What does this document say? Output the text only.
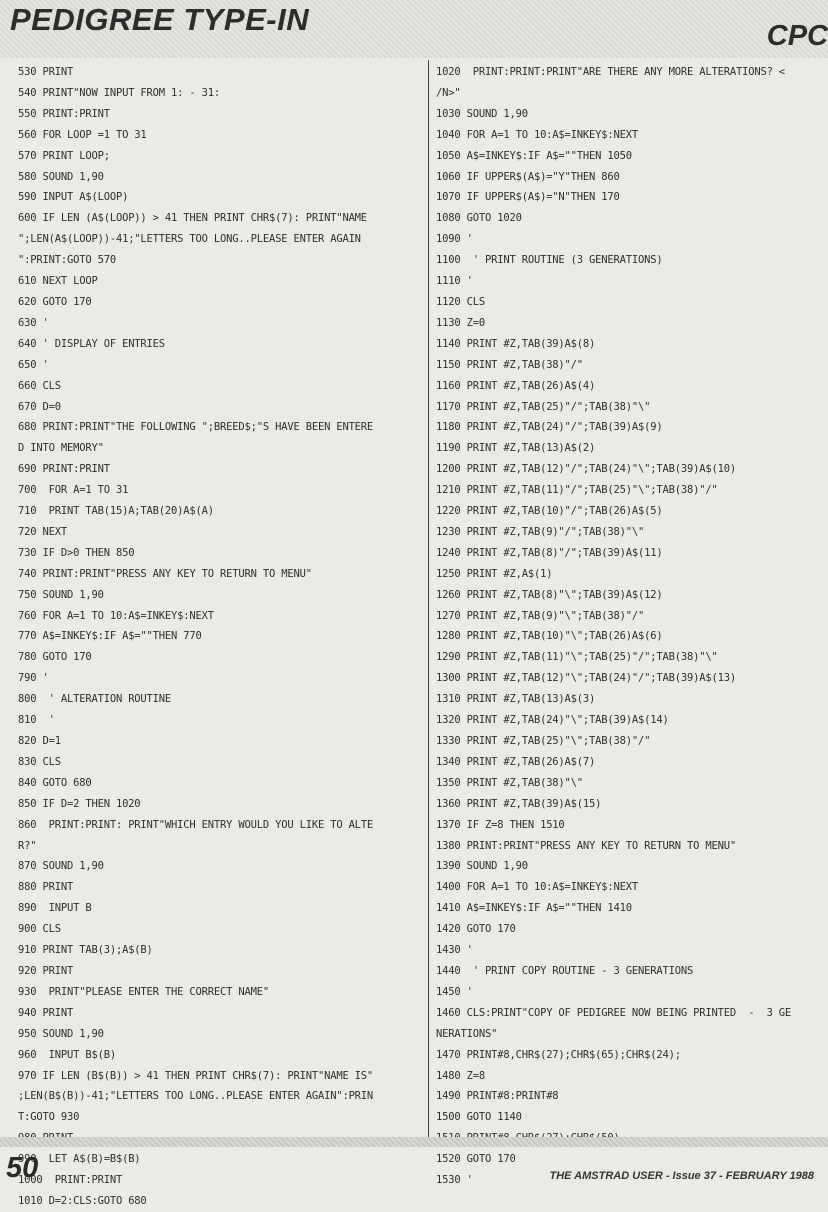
PEDIGREE TYPE-IN	CPC
530 PRINT
540 PRINT"NOW INPUT FROM 1: - 31:
550 PRINT:PRINT
560 FOR LOOP =1 TO 31
570 PRINT LOOP;
580 SOUND 1,90
590 INPUT A$(LOOP)
600 IF LEN (A$(LOOP)) > 41 THEN PRINT CHR$(7): PRINT"NAME
";LEN(A$(LOOP))-41;"LETTERS TOO LONG..PLEASE ENTER AGAIN
":PRINT:GOTO 570
610 NEXT LOOP
620 GOTO 170
630 '
640 ' DISPLAY OF ENTRIES
650 '
660 CLS
670 D=0
680 PRINT:PRINT"THE FOLLOWING ";BREED$;"S HAVE BEEN ENTERE
D INTO MEMORY"
690 PRINT:PRINT
700  FOR A=1 TO 31
710  PRINT TAB(15)A;TAB(20)A$(A)
720 NEXT
730 IF D>0 THEN 850
740 PRINT:PRINT"PRESS ANY KEY TO RETURN TO MENU"
750 SOUND 1,90
760 FOR A=1 TO 10:A$=INKEY$:NEXT
770 A$=INKEY$:IF A$=""THEN 770
780 GOTO 170
790 '
800  ' ALTERATION ROUTINE
810  '
820 D=1
830 CLS
840 GOTO 680
850 IF D=2 THEN 1020
860  PRINT:PRINT: PRINT"WHICH ENTRY WOULD YOU LIKE TO ALTE
R?"
870 SOUND 1,90
880 PRINT
890  INPUT B
900 CLS
910 PRINT TAB(3);A$(B)
920 PRINT
930  PRINT"PLEASE ENTER THE CORRECT NAME"
940 PRINT
950 SOUND 1,90
960  INPUT B$(B)
970 IF LEN (B$(B)) > 41 THEN PRINT CHR$(7): PRINT"NAME IS"
;LEN(B$(B))-41;"LETTERS TOO LONG..PLEASE ENTER AGAIN":PRIN
T:GOTO 930
990  LET A$(B)=B$(B)
1000  PRINT:PRINT
1010 D=2:CLS:GOTO 680
1020  PRINT:PRINT:PRINT"ARE THERE ANY MORE ALTERATIONS? <
/N>"
1030 SOUND 1,90
1040 FOR A=1 TO 10:A$=INKEY$:NEXT
1050 A$=INKEY$:IF A$=""THEN 1050
1060 IF UPPER$(A$)="Y"THEN 860
1070 IF UPPER$(A$)="N"THEN 170
1080 GOTO 1020
1090 '
1100  ' PRINT ROUTINE (3 GENERATIONS)
1110 '
1120 CLS
1130 Z=0
1140 PRINT #Z,TAB(39)A$(8)
1150 PRINT #Z,TAB(38)"/"
1160 PRINT #Z,TAB(26)A$(4)
1170 PRINT #Z,TAB(25)"/";TAB(38)"\"
1180 PRINT #Z,TAB(24)"/";TAB(39)A$(9)
1190 PRINT #Z,TAB(13)A$(2)
1200 PRINT #Z,TAB(12)"/";TAB(24)"\";TAB(39)A$(10)
1210 PRINT #Z,TAB(11)"/";TAB(25)"\";TAB(38)"/"
1220 PRINT #Z,TAB(10)"/";TAB(26)A$(5)
1230 PRINT #Z,TAB(9)"/";TAB(38)"\"
1240 PRINT #Z,TAB(8)"/";TAB(39)A$(11)
1250 PRINT #Z,A$(1)
1260 PRINT #Z,TAB(8)"\";TAB(39)A$(12)
1270 PRINT #Z,TAB(9)"\";TAB(38)"/"
1280 PRINT #Z,TAB(10)"\";TAB(26)A$(6)
1290 PRINT #Z,TAB(11)"\";TAB(25)"/";TAB(38)"\"
1300 PRINT #Z,TAB(12)"\";TAB(24)"/";TAB(39)A$(13)
1310 PRINT #Z,TAB(13)A$(3)
1320 PRINT #Z,TAB(24)"\";TAB(39)A$(14)
1330 PRINT #Z,TAB(25)"\";TAB(38)"/"
1340 PRINT #Z,TAB(26)A$(7)
1350 PRINT #Z,TAB(38)"\"
1360 PRINT #Z,TAB(39)A$(15)
1370 IF Z=8 THEN 1510
1380 PRINT:PRINT"PRESS ANY KEY TO RETURN TO MENU"
1390 SOUND 1,90
1400 FOR A=1 TO 10:A$=INKEY$:NEXT
1410 A$=INKEY$:IF A$=""THEN 1410
1420 GOTO 170
1430 '
1440  ' PRINT COPY ROUTINE - 3 GENERATIONS
1450 '
1460 CLS:PRINT"COPY OF PEDIGREE NOW BEING PRINTED  -  3 GE
NERATIONS"
1470 PRINT#8,CHR$(27);CHR$(65);CHR$(24);
1480 Z=8
1490 PRINT#8:PRINT#8
1500 GOTO 1140
1520 GOTO 170
1530 '
50	THE AMSTRAD USER - Issue 37 - FEBRUARY 1988
